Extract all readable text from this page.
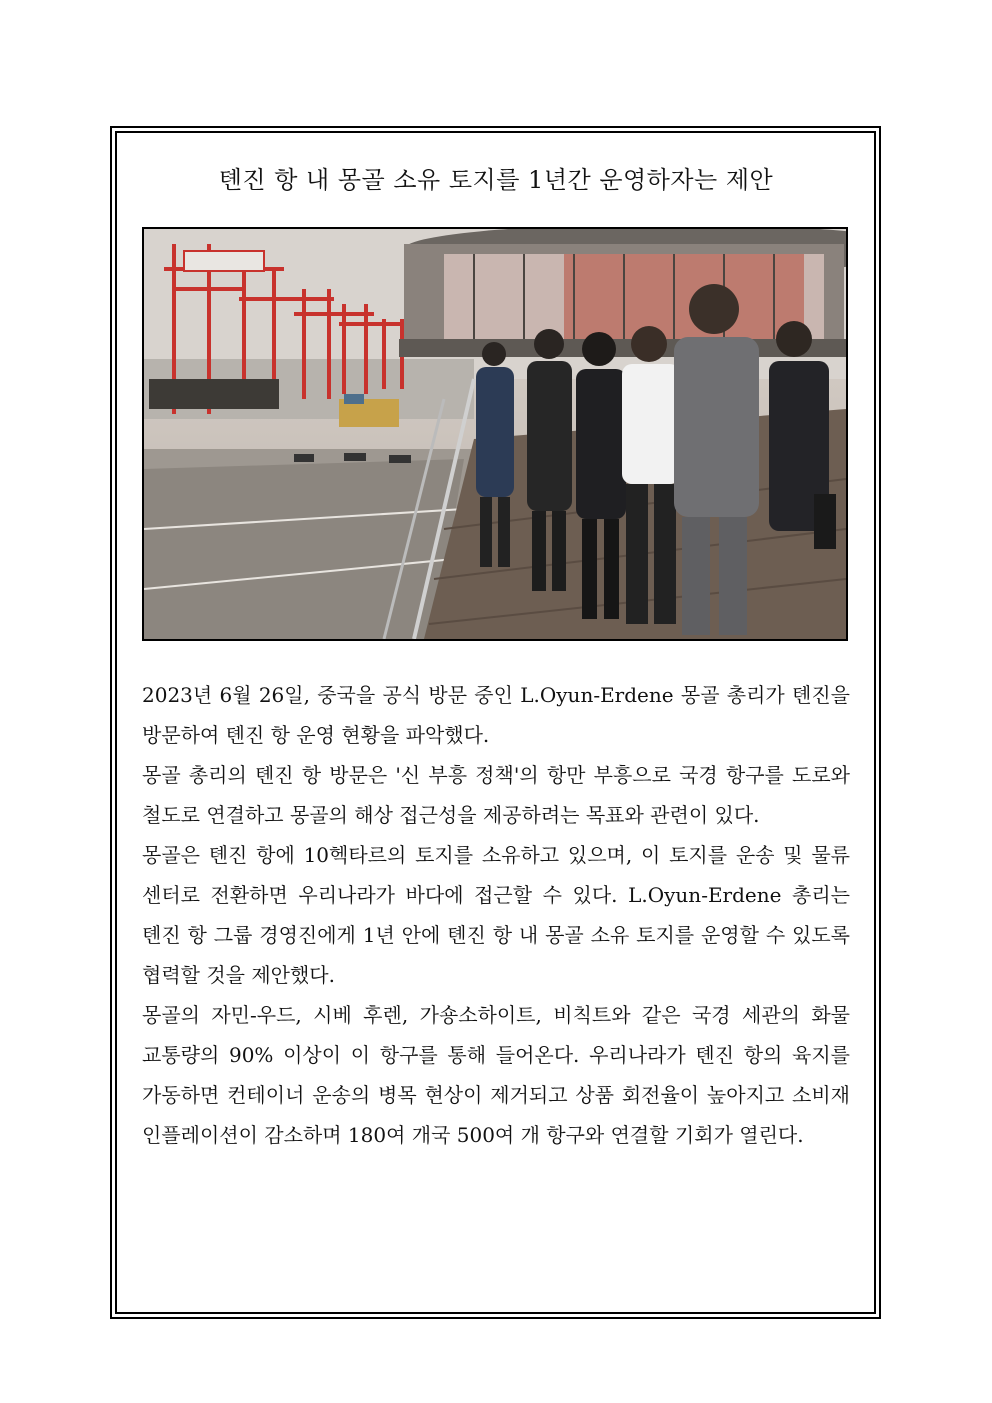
톈진 항 내 몽골 소유 토지를 1년간 운영하자는 제안

2023년 6월 26일, 중국을 공식 방문 중인 L.Oyun-Erdene 몽골 총리가 톈진을 방문하여 톈진 항 운영 현황을 파악했다.

몽골 총리의 톈진 항 방문은 '신 부흥 정책'의 항만 부흥으로 국경 항구를 도로와 철도로 연결하고 몽골의 해상 접근성을 제공하려는 목표와 관련이 있다.

몽골은 톈진 항에 10헥타르의 토지를 소유하고 있으며, 이 토지를 운송 및 물류 센터로 전환하면 우리나라가 바다에 접근할 수 있다. L.Oyun-Erdene 총리는 톈진 항 그룹 경영진에게 1년 안에 톈진 항 내 몽골 소유 토지를 운영할 수 있도록 협력할 것을 제안했다.

몽골의 자민-우드, 시베 후렌, 가숑소하이트, 비칙트와 같은 국경 세관의 화물 교통량의 90% 이상이 이 항구를 통해 들어온다. 우리나라가 톈진 항의 육지를 가동하면 컨테이너 운송의 병목 현상이 제거되고 상품 회전율이 높아지고 소비재 인플레이션이 감소하며 180여 개국 500여 개 항구와 연결할 기회가 열린다.
